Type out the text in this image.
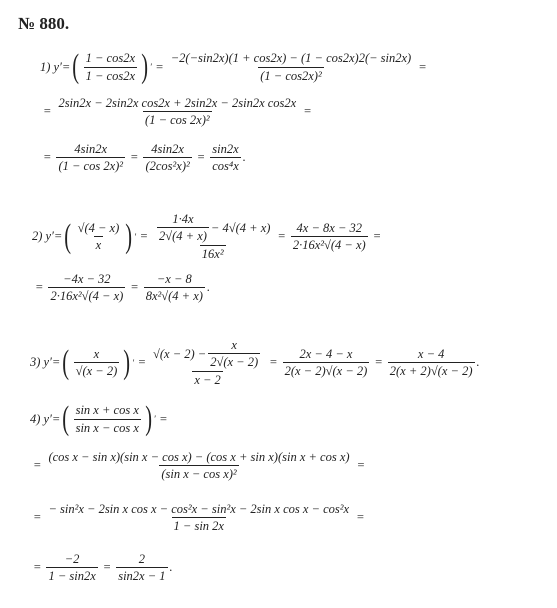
№ 880.
1) y′= ( $\frac{1 - \cos 2x}{1 - \cos 2x}$ ) ′ = $\frac{-2(-\sin 2x)(1 + \cos 2x) - (1 - \cos 2x)2(- \sin 2x)}{\text{(1 − cos2x)²}}$ =
= $\frac{\text{2sin2x − 2sin2x cos2x + 2sin2x − 2sin2x cos2x}}{\text{(1 − cos 2x)²}}$ =
= $\frac{4\sin 2x}{\text{(1 − cos 2x)²}} = \frac{4\sin 2x}{\text{(2cos²x)²}} = \frac{\sin 2x}{\text{cos⁴x}}$ .
2) y′= ( $\frac{√(4 - x)}{x}$ ) ′ = $\frac{\frac{1\cdot 4x}{2√(4 + x)} - 4√(4 + x)}{\text{16x²}} = \frac{4x - 8x - 32}{\text{2·16x²√(4 − x)}}$ =
= $\frac{-4x - 32}{\text{2·16x²√(4 − x)}} = \frac{-x - 8}{\text{8x²√(4 + x)}}$ .
3) y′= ( $\frac{x}{√(x - 2)}$ ) ′ = $\frac{√(x - 2) - \frac{x}{2√(x - 2)}}{x - 2} = \frac{2x - 4 - x}{2(x - 2)√(x - 2)} = \frac{x - 4}{2(x + 2)√(x - 2)}$ .
4) y′= ( $\frac{\text{sin x + cos x}}{\text{sin x − cos x}}$ ) ′ =
=
(cos x − sin x)(sin x − cos x) − (cos x + sin x)(sin x + cos x)
(sin x − cos x)²
=
=
− sin²x − 2sin x cos x − cos²x − sin²x − 2sin x cos x − cos²x
1 − sin 2x
=
= $\frac{-2}{1 - \sin 2x} = \frac{2}{\sin 2x - 1}$ .
